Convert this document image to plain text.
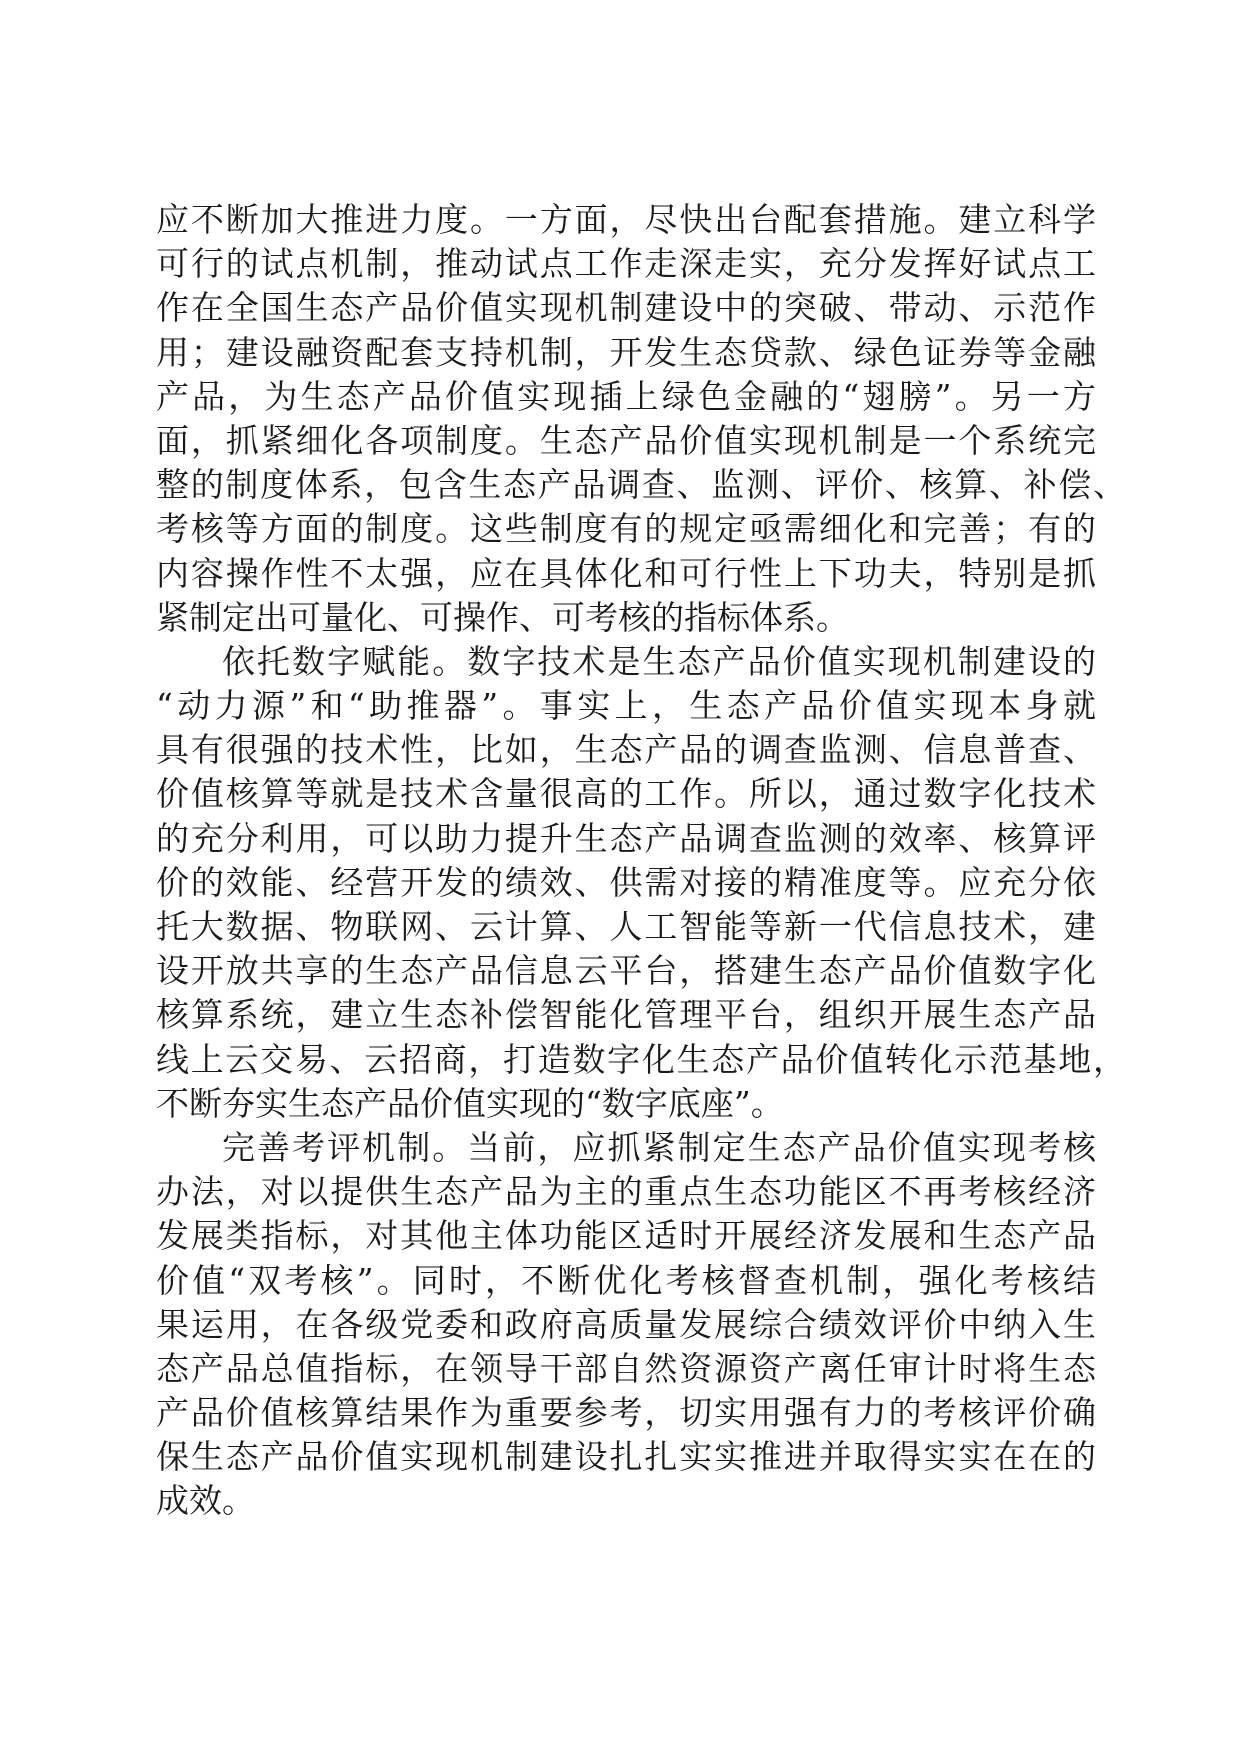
应不断加大推进力度。一方面，尽快出台配套措施。建立科学
可行的试点机制，推动试点工作走深走实，充分发挥好试点工
作在全国生态产品价值实现机制建设中的突破、带动、示范作
用；建设融资配套支持机制，开发生态贷款、绿色证券等金融
产品，为生态产品价值实现插上绿色金融的“翅膀”。另一方
面，抓紧细化各项制度。生态产品价值实现机制是一个系统完
整的制度体系，包含生态产品调查、监测、评价、核算、补偿、
考核等方面的制度。这些制度有的规定亟需细化和完善；有的
内容操作性不太强，应在具体化和可行性上下功夫，特别是抓
紧制定出可量化、可操作、可考核的指标体系。
依托数字赋能。数字技术是生态产品价值实现机制建设的
“动力源”和“助推器”。事实上，生态产品价值实现本身就
具有很强的技术性，比如，生态产品的调查监测、信息普查、
价值核算等就是技术含量很高的工作。所以，通过数字化技术
的充分利用，可以助力提升生态产品调查监测的效率、核算评
价的效能、经营开发的绩效、供需对接的精准度等。应充分依
托大数据、物联网、云计算、人工智能等新一代信息技术，建
设开放共享的生态产品信息云平台，搭建生态产品价值数字化
核算系统，建立生态补偿智能化管理平台，组织开展生态产品
线上云交易、云招商，打造数字化生态产品价值转化示范基地，
不断夯实生态产品价值实现的“数字底座”。
完善考评机制。当前，应抓紧制定生态产品价值实现考核
办法，对以提供生态产品为主的重点生态功能区不再考核经济
发展类指标，对其他主体功能区适时开展经济发展和生态产品
价值“双考核”。同时，不断优化考核督查机制，强化考核结
果运用，在各级党委和政府高质量发展综合绩效评价中纳入生
态产品总值指标，在领导干部自然资源资产离任审计时将生态
产品价值核算结果作为重要参考，切实用强有力的考核评价确
保生态产品价值实现机制建设扎扎实实推进并取得实实在在的
成效。
